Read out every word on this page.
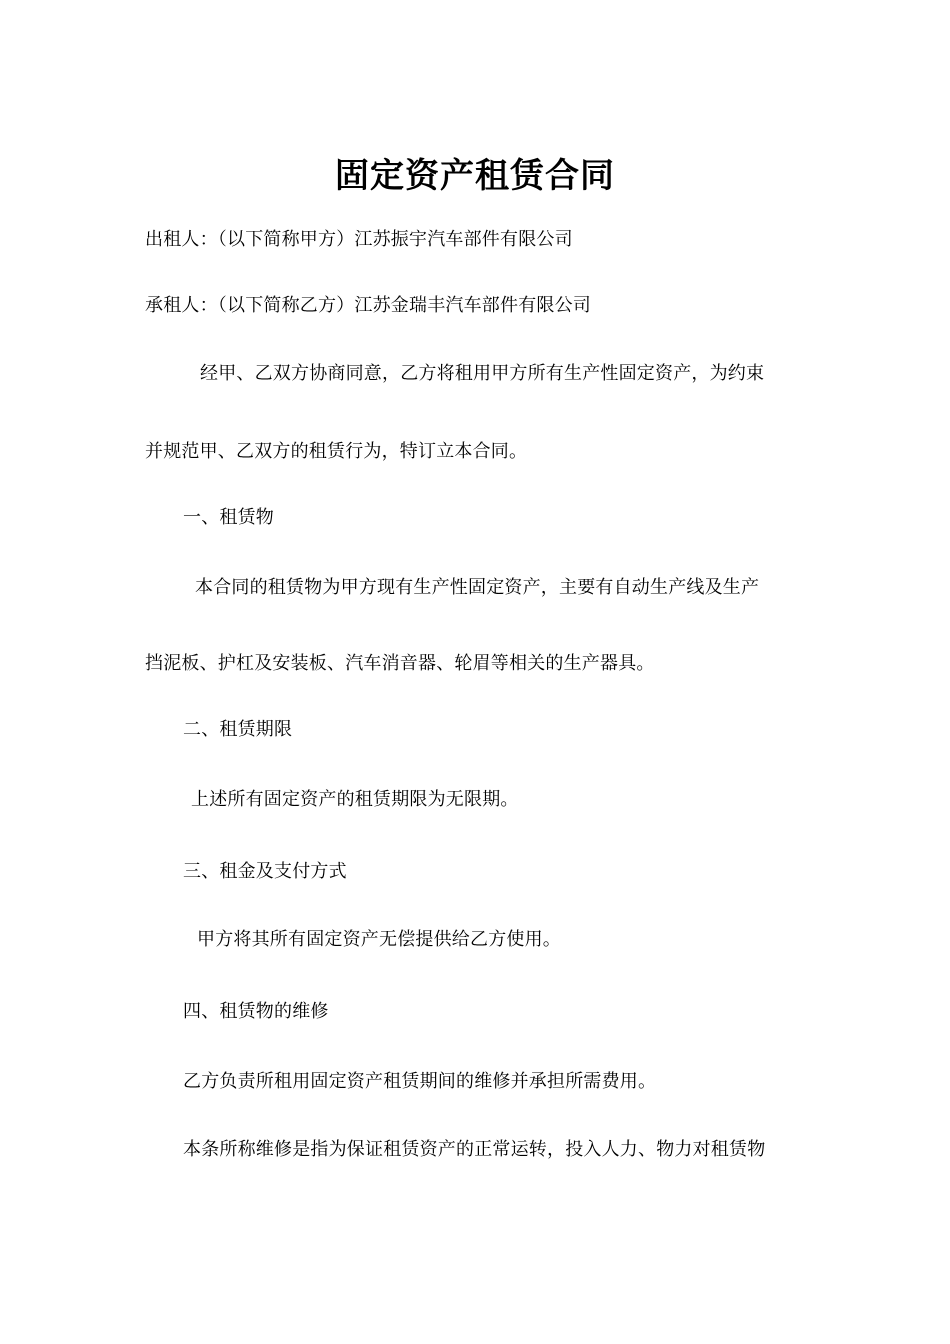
固定资产租赁合同
出租人：（以下简称甲方）江苏振宇汽车部件有限公司
承租人：（以下简称乙方）江苏金瑞丰汽车部件有限公司
经甲、乙双方协商同意，乙方将租用甲方所有生产性固定资产，为约束
并规范甲、乙双方的租赁行为，特订立本合同。
一、租赁物
本合同的租赁物为甲方现有生产性固定资产，主要有自动生产线及生产
挡泥板、护杠及安装板、汽车消音器、轮眉等相关的生产器具。
二、租赁期限
上述所有固定资产的租赁期限为无限期。
三、租金及支付方式
甲方将其所有固定资产无偿提供给乙方使用。
四、租赁物的维修
乙方负责所租用固定资产租赁期间的维修并承担所需费用。
本条所称维修是指为保证租赁资产的正常运转，投入人力、物力对租赁物
